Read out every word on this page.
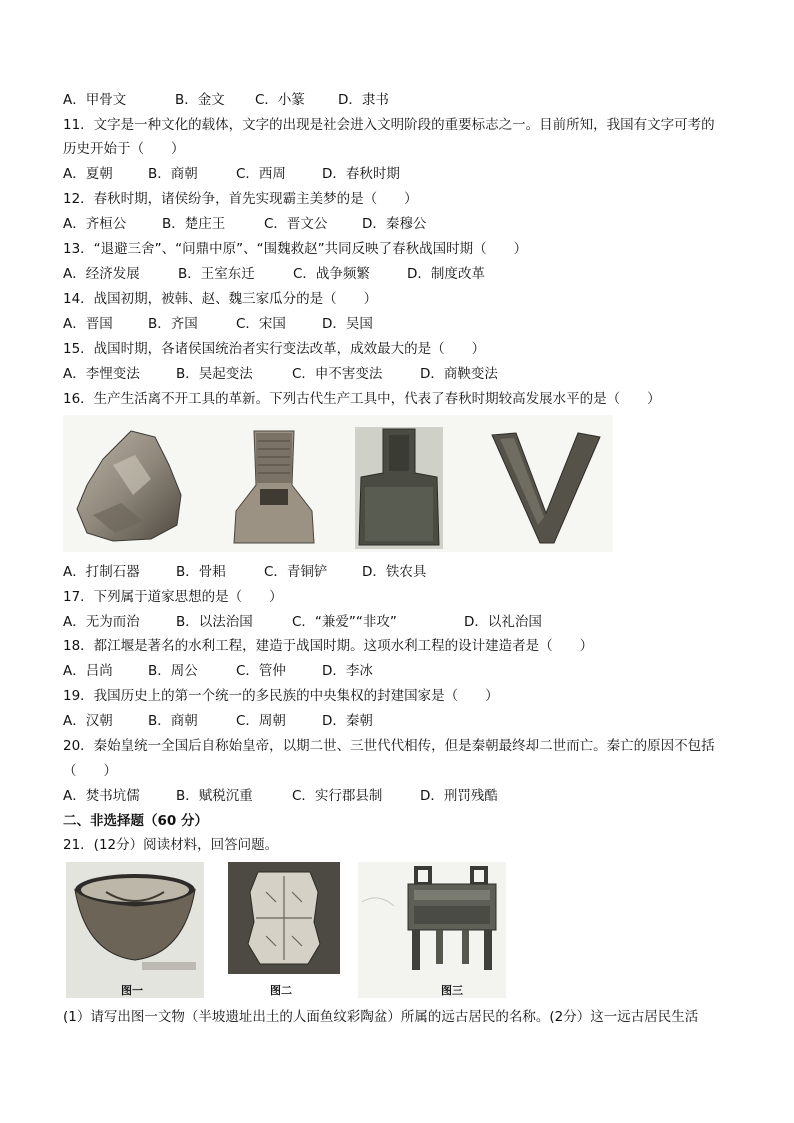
A．甲骨文	B．金文 C．小篆 D．隶书
11．文字是一种文化的载体，文字的出现是社会进入文明阶段的重要标志之一。目前所知，我国有文字可考的
历史开始于（　　）
A．夏朝	B．商朝	C．西周	D．春秋时期
12．春秋时期，诸侯纷争，首先实现霸主美梦的是（　　）
A．齐桓公	B．楚庄王	C．晋文公	D．秦穆公
13．“退避三舍”、“问鼎中原”、“围魏救赵”共同反映了春秋战国时期（　　）
A．经济发展	B．王室东迁	C．战争频繁	D．制度改革
14．战国初期，被韩、赵、魏三家瓜分的是（　　）
A．晋国	B．齐国	C．宋国	D．吴国
15．战国时期，各诸侯国统治者实行变法改革，成效最大的是（　　）
A．李悝变法	B．吴起变法	C．申不害变法	D．商鞅变法
16．生产生活离不开工具的革新。下列古代生产工具中，代表了春秋时期较高发展水平的是（　　）
A．打制石器	B．骨耜	C．青铜铲	D．铁农具
17．下列属于道家思想的是（　　）
A．无为而治	B．以法治国	C．“兼爱”“非攻”	D．以礼治国
18．都江堰是著名的水利工程，建造于战国时期。这项水利工程的设计建造者是（　　）
A．吕尚	B．周公	C．管仲	D．李冰
19．我国历史上的第一个统一的多民族的中央集权的封建国家是（　　）
A．汉朝	B．商朝	C．周朝	D．秦朝
20．秦始皇统一全国后自称始皇帝，以期二世、三世代代相传，但是秦朝最终却二世而亡。秦亡的原因不包括
（　　）
A．焚书坑儒	B．赋税沉重	C．实行郡县制	D．刑罚残酷
二、非选择题（60 分）
21．(12分）阅读材料，回答问题。
图一	图二	图三
(1）请写出图一文物（半坡遗址出土的人面鱼纹彩陶盆）所属的远古居民的名称。(2分）这一远古居民生活
